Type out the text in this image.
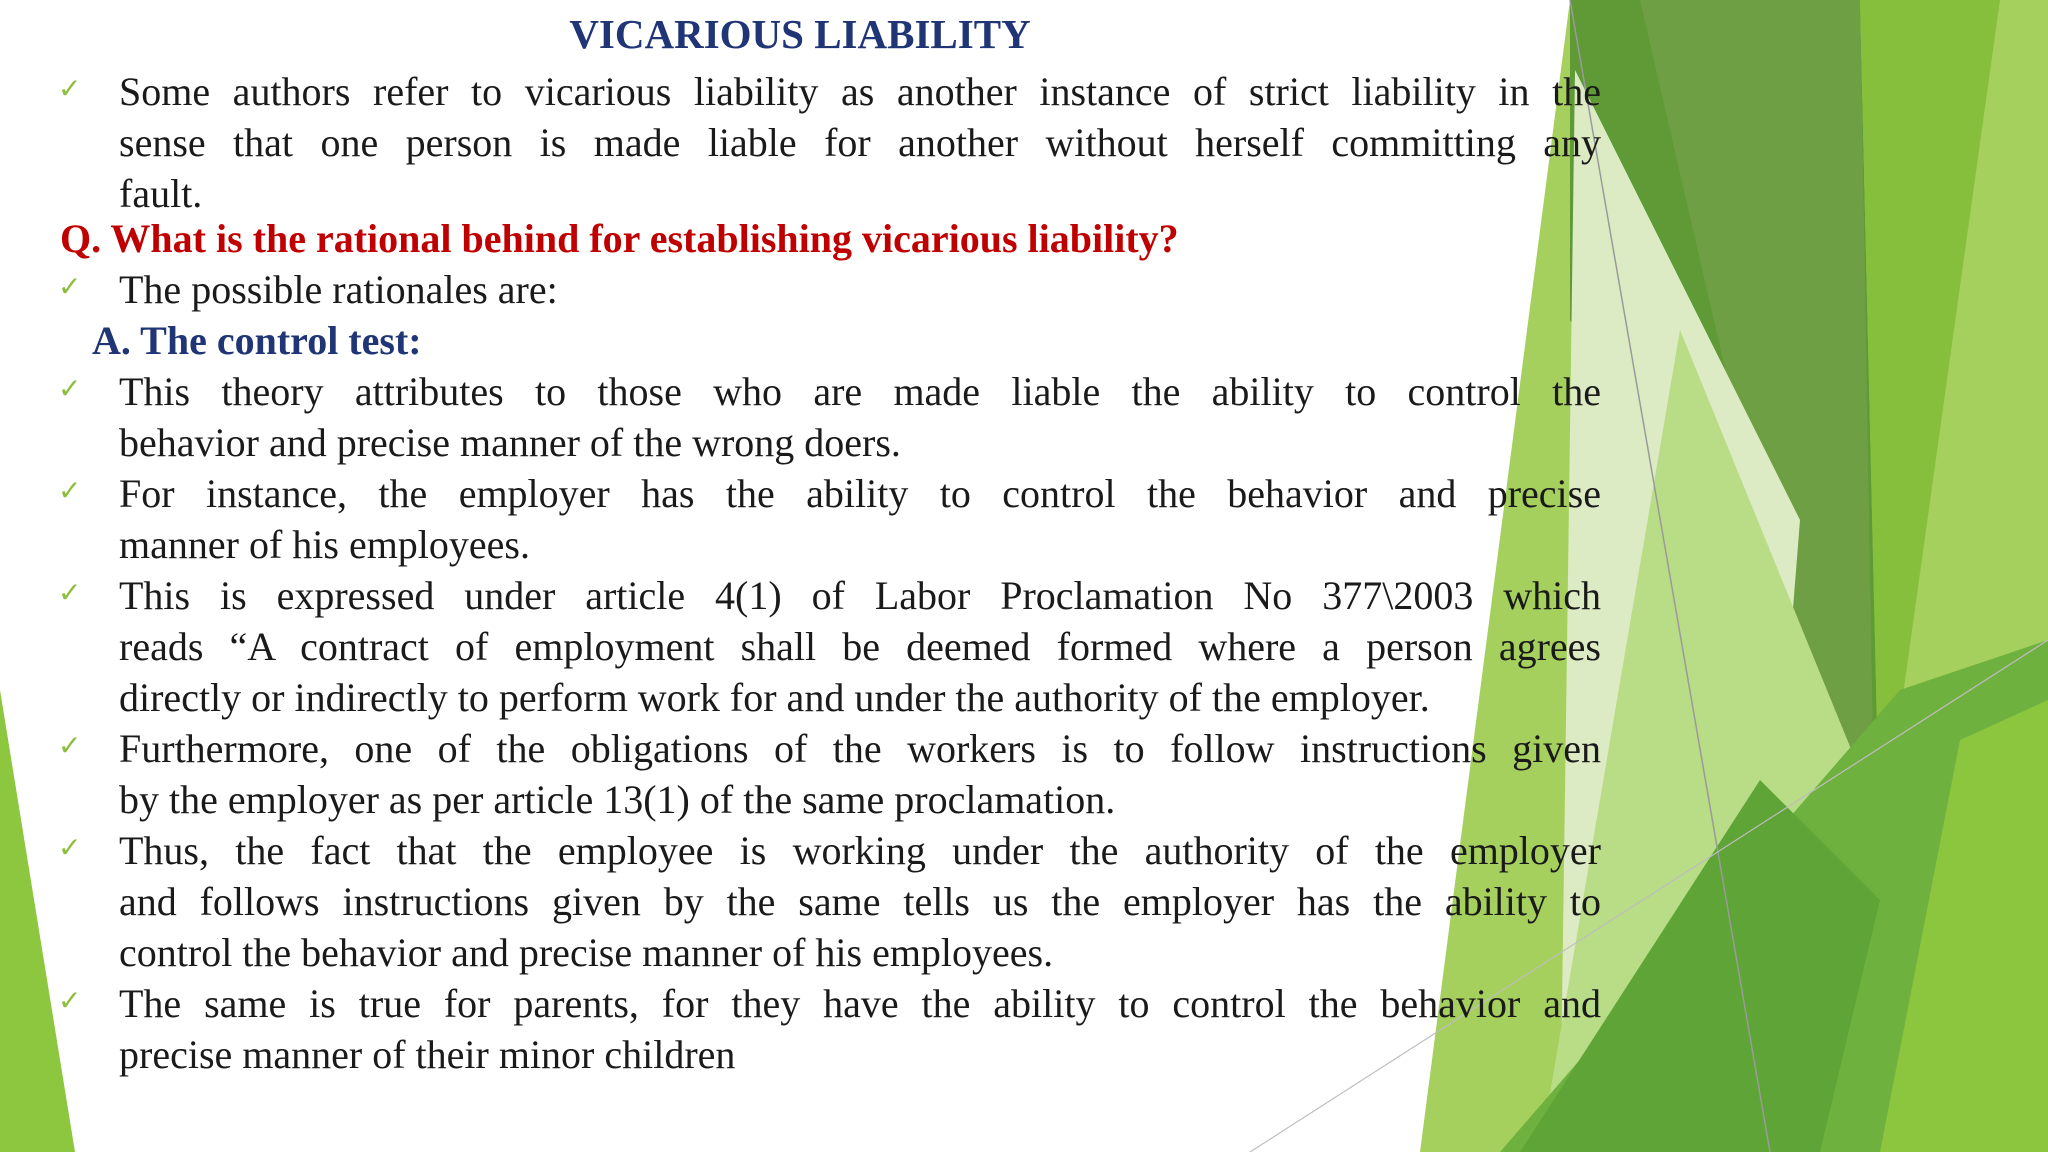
VICARIOUS LIABILITY
✓ Some authors refer to vicarious liability as another instance of strict liability in the
sense that one person is made liable for another without herself committing any
fault.
Q. What is the rational behind for establishing vicarious liability?
✓ The possible rationales are:
A. The control test:
✓ This theory attributes to those who are made liable the ability to control the
behavior and precise manner of the wrong doers.
✓ For instance, the employer has the ability to control the behavior and precise
manner of his employees.
✓ This is expressed under article 4(1) of Labor Proclamation No 377\2003 which
reads “A contract of employment shall be deemed formed where a person agrees
directly or indirectly to perform work for and under the authority of the employer.
✓ Furthermore, one of the obligations of the workers is to follow instructions given
by the employer as per article 13(1) of the same proclamation.
✓ Thus, the fact that the employee is working under the authority of the employer
and follows instructions given by the same tells us the employer has the ability to
control the behavior and precise manner of his employees.
✓ The same is true for parents, for they have the ability to control the behavior and
precise manner of their minor children
